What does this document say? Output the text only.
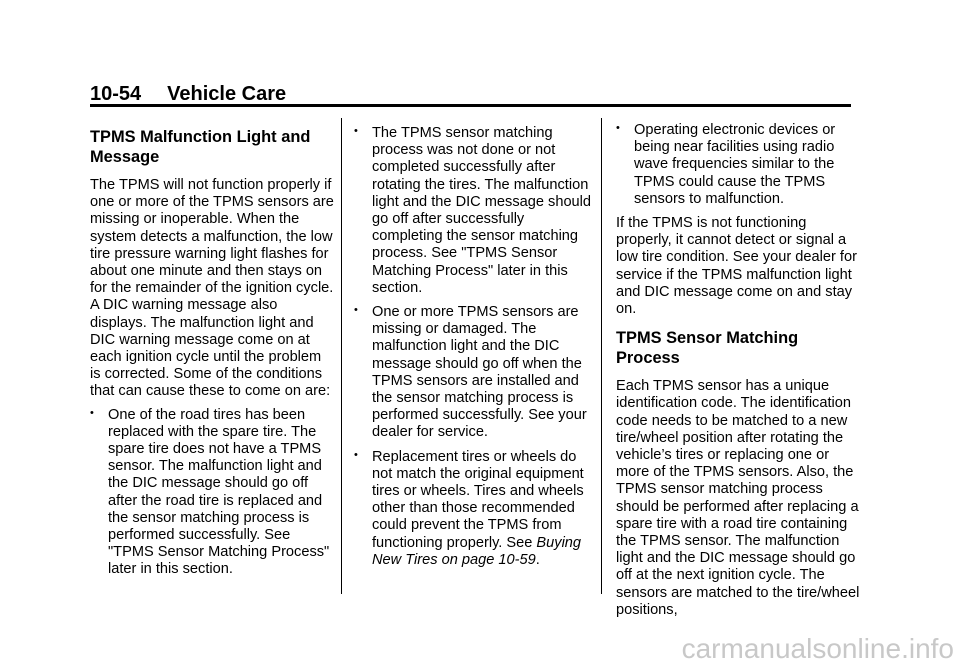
10-54 Vehicle Care
TPMS Malfunction Light and Message

The TPMS will not function properly if one or more of the TPMS sensors are missing or inoperable. When the system detects a malfunction, the low tire pressure warning light flashes for about one minute and then stays on for the remainder of the ignition cycle. A DIC warning message also displays. The malfunction light and DIC warning message come on at each ignition cycle until the problem is corrected. Some of the conditions that can cause these to come on are:

• One of the road tires has been replaced with the spare tire. The spare tire does not have a TPMS sensor. The malfunction light and the DIC message should go off after the road tire is replaced and the sensor matching process is performed successfully. See "TPMS Sensor Matching Process" later in this section.
• The TPMS sensor matching process was not done or not completed successfully after rotating the tires. The malfunction light and the DIC message should go off after successfully completing the sensor matching process. See "TPMS Sensor Matching Process" later in this section.
• One or more TPMS sensors are missing or damaged. The malfunction light and the DIC message should go off when the TPMS sensors are installed and the sensor matching process is performed successfully. See your dealer for service.
• Replacement tires or wheels do not match the original equipment tires or wheels. Tires and wheels other than those recommended could prevent the TPMS from functioning properly. See Buying New Tires on page 10-59.
• Operating electronic devices or being near facilities using radio wave frequencies similar to the TPMS could cause the TPMS sensors to malfunction.

If the TPMS is not functioning properly, it cannot detect or signal a low tire condition. See your dealer for service if the TPMS malfunction light and DIC message come on and stay on.

TPMS Sensor Matching Process

Each TPMS sensor has a unique identification code. The identification code needs to be matched to a new tire/wheel position after rotating the vehicle’s tires or replacing one or more of the TPMS sensors. Also, the TPMS sensor matching process should be performed after replacing a spare tire with a road tire containing the TPMS sensor. The malfunction light and the DIC message should go off at the next ignition cycle. The sensors are matched to the tire/wheel positions,

carmanualsonline.info
